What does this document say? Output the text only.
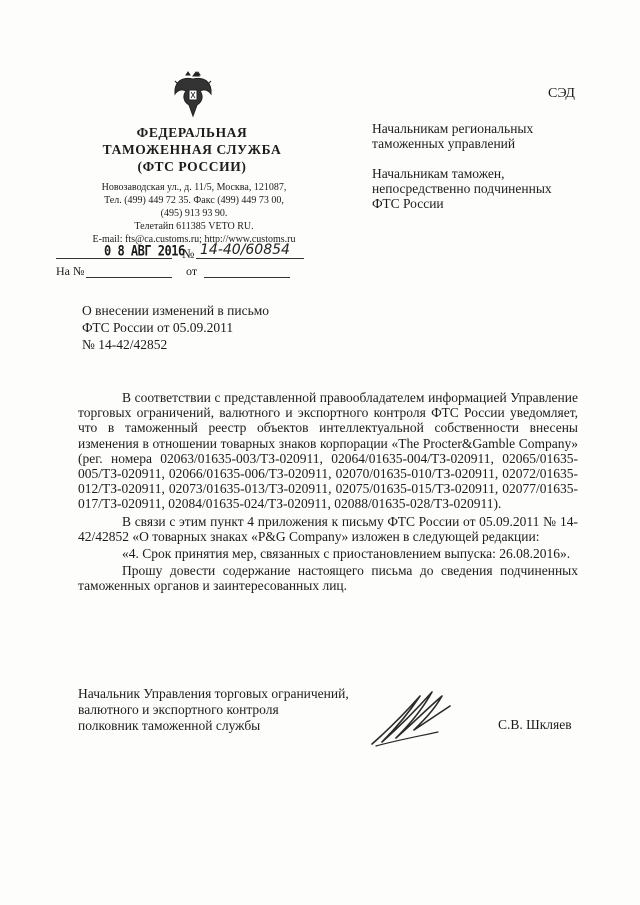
СЭД
ФЕДЕРАЛЬНАЯ
ТАМОЖЕННАЯ СЛУЖБА
(ФТС РОССИИ)
Новозаводская ул., д. 11/5, Москва, 121087,
Тел. (499) 449 72 35. Факс (499) 449 73 00,
(495) 913 93 90.
Телетайп 611385 VETO RU.
E-mail: fts@ca.customs.ru; http://www.customs.ru
0 8 АВГ 2016
№ 14-40/60854
На №	от
Начальникам региональных
таможенных управлений
Начальникам таможен,
непосредственно подчиненных
ФТС России
О внесении изменений в письмо
ФТС России от 05.09.2011
№ 14-42/42852

В соответствии с представленной правообладателем информацией Управление торговых ограничений, валютного и экспортного контроля ФТС России уведомляет, что в таможенный реестр объектов интеллектуальной собственности внесены изменения в отношении товарных знаков корпорации «The Procter&Gamble Company» (рег. номера 02063/01635-003/ТЗ-020911, 02064/01635-004/ТЗ-020911, 02065/01635-005/ТЗ-020911, 02066/01635-006/ТЗ-020911, 02070/01635-010/ТЗ-020911, 02072/01635-012/ТЗ-020911, 02073/01635-013/ТЗ-020911, 02075/01635-015/ТЗ-020911, 02077/01635-017/ТЗ-020911, 02084/01635-024/ТЗ-020911, 02088/01635-028/ТЗ-020911).

В связи с этим пункт 4 приложения к письму ФТС России от 05.09.2011 № 14-42/42852 «О товарных знаках «P&G Company» изложен в следующей редакции:

«4. Срок принятия мер, связанных с приостановлением выпуска: 26.08.2016».

Прошу довести содержание настоящего письма до сведения подчиненных таможенных органов и заинтересованных лиц.

Начальник Управления торговых ограничений,
валютного и экспортного контроля
полковник таможенной службы	С.В. Шкляев
